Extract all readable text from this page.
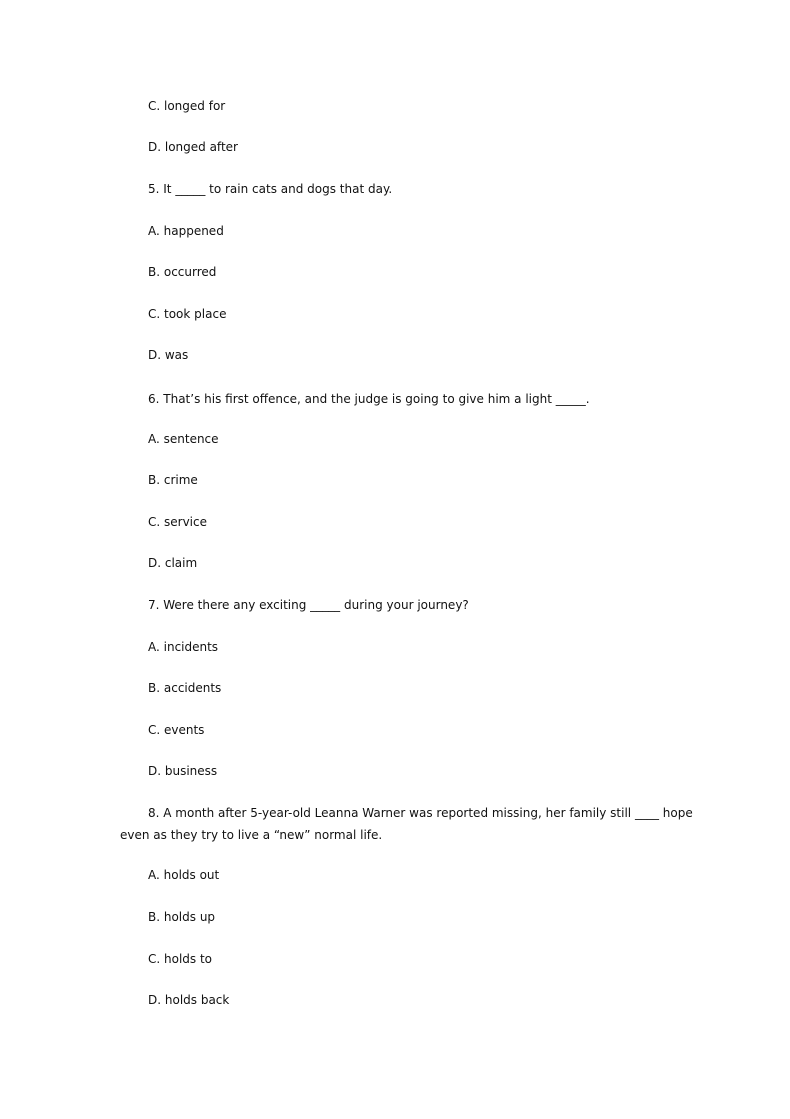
C. longed for
D. longed after
5. It _____ to rain cats and dogs that day.
A. happened
B. occurred
C. took place
D. was
6. That’s his first offence, and the judge is going to give him a light _____.
A. sentence
B. crime
C. service
D. claim
7. Were there any exciting _____ during your journey?
A. incidents
B. accidents
C. events
D. business
8. A month after 5-year-old Leanna Warner was reported missing, her family still ____ hope
even as they try to live a “new” normal life.
A. holds out
B. holds up
C. holds to
D. holds back
